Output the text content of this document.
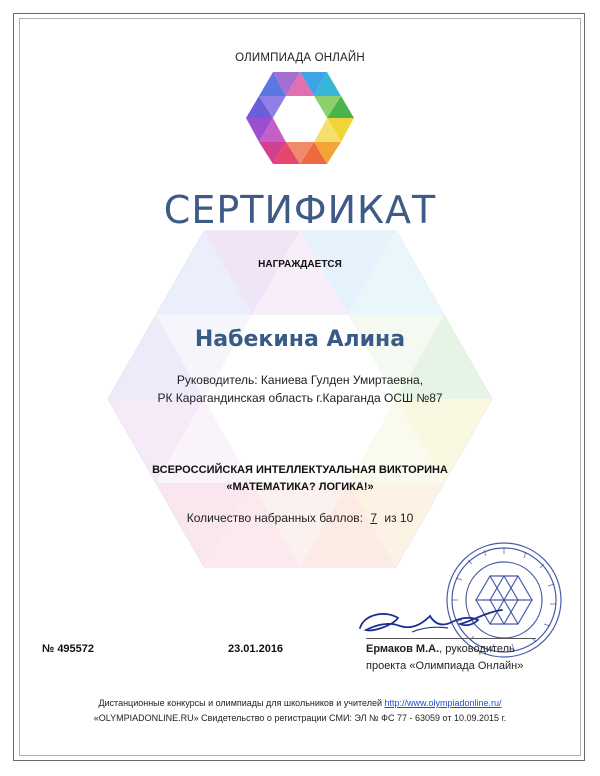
ОЛИМПИАДА ОНЛАЙН
СЕРТИФИКАТ
НАГРАЖДАЕТСЯ
Набекина Алина
Руководитель: Каниева Гулден Умиртаевна,
РК Карагандинская область г.Караганда ОСШ №87
ВСЕРОССИЙСКАЯ ИНТЕЛЛЕКТУАЛЬНАЯ ВИКТОРИНА
«МАТЕМАТИКА? ЛОГИКА!»
Количество набранных баллов: 7 из 10
№ 495572	23.01.2016	Ермаков М.А., руководитель
проекта «Олимпиада Онлайн»
Дистанционные конкурсы и олимпиады для школьников и учителей http://www.olympiadonline.ru/
«OLYMPIADONLINE.RU» Свидетельство о регистрации СМИ: ЭЛ № ФС 77 - 63059 от 10.09.2015 г.
